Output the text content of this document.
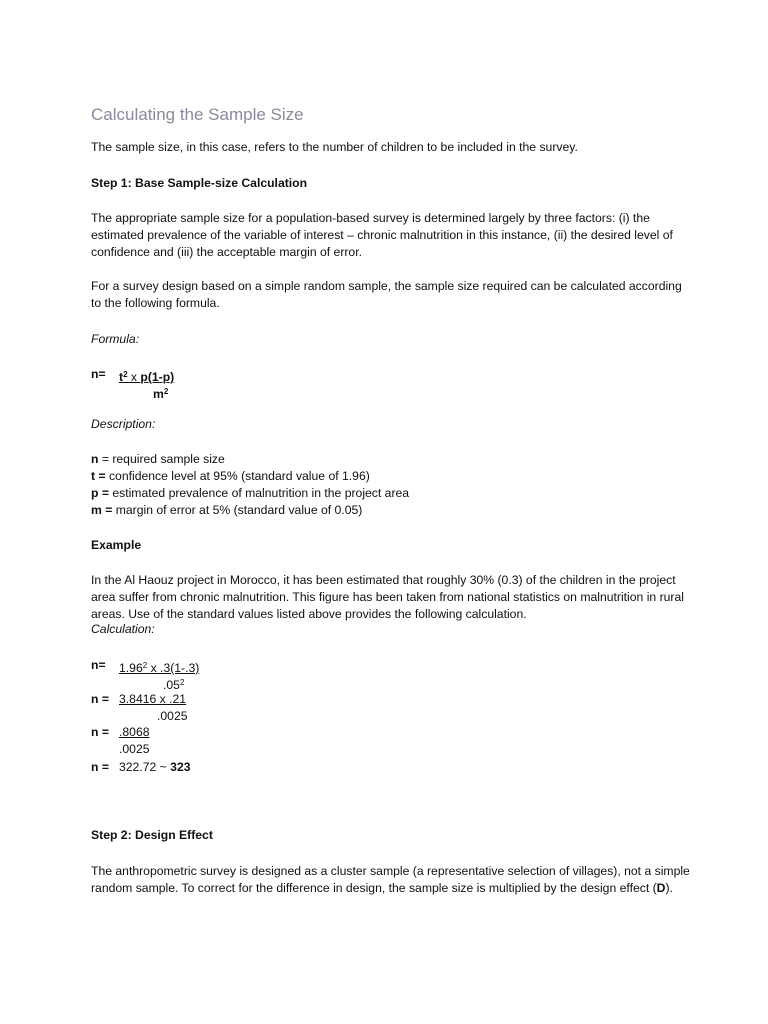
Calculating the Sample Size

The sample size, in this case, refers to the number of children to be included in the survey.

Step 1: Base Sample-size Calculation

The appropriate sample size for a population-based survey is determined largely by three factors: (i) the estimated prevalence of the variable of interest – chronic malnutrition in this instance, (ii) the desired level of confidence and (iii) the acceptable margin of error.

For a survey design based on a simple random sample, the sample size required can be calculated according to the following formula.

Formula:

$n= t^2$ x p(1-p)
$m^2$

Description:

n = required sample size
t = confidence level at 95% (standard value of 1.96)
p = estimated prevalence of malnutrition in the project area
m = margin of error at 5% (standard value of 0.05)

Example

In the Al Haouz project in Morocco, it has been estimated that roughly 30% (0.3) of the children in the project area suffer from chronic malnutrition. This figure has been taken from national statistics on malnutrition in rural areas. Use of the standard values listed above provides the following calculation.

Calculation:

$n= 1.96^2$ x .3(1-.3)
$.05^2$
n = 3.8416 x .21
.0025
n = .8068
.0025
n = 322.72 ~ 323

Step 2: Design Effect

The anthropometric survey is designed as a cluster sample (a representative selection of villages), not a simple random sample. To correct for the difference in design, the sample size is multiplied by the design effect (D).
